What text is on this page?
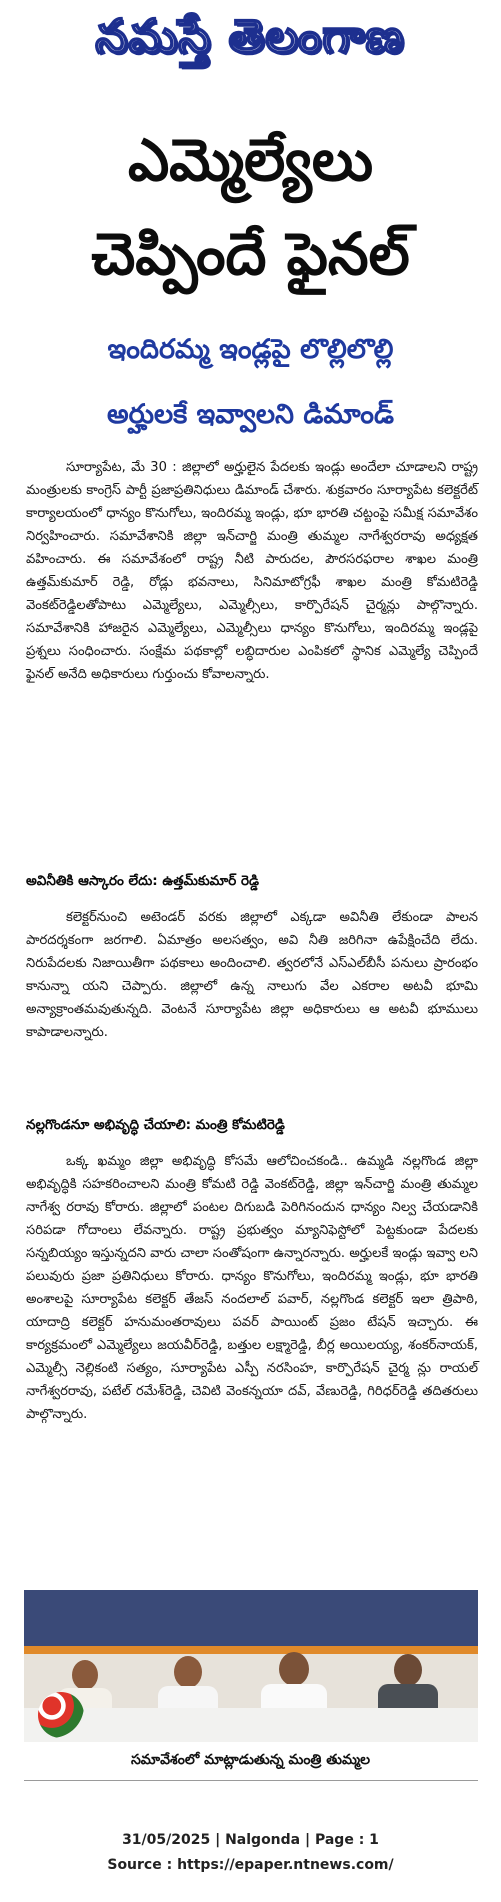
నమస్తే తెలంగాణ
ఎమ్మెల్యేలు
చెప్పిందే ఫైనల్
ఇందిరమ్మ ఇండ్లపై లొల్లిలొల్లి
అర్హులకే ఇవ్వాలని డిమాండ్

సూర్యాపేట, మే 30 : జిల్లాలో అర్హులైన పేదలకు ఇండ్లు అందేలా చూడాలని రాష్ట్ర మంత్రులకు కాంగ్రెస్ పార్టీ ప్రజాప్రతినిధులు డిమాండ్ చేశారు. శుక్రవారం సూర్యాపేట కలెక్టరేట్ కార్యాలయంలో ధాన్యం కొనుగోలు, ఇందిరమ్మ ఇండ్లు, భూ భారతి చట్టంపై సమీక్ష సమావేశం నిర్వహించారు. సమావేశానికి జిల్లా ఇన్‌చార్జి మంత్రి తుమ్మల నాగేశ్వరరావు అధ్యక్షత వహించారు. ఈ సమావేశంలో రాష్ట్ర నీటి పారుదల, పౌరసరఫరాల శాఖల మంత్రి ఉత్తమ్‌కుమార్ రెడ్డి, రోడ్లు భవనాలు, సినిమాటోగ్రఫీ శాఖల మంత్రి కోమటిరెడ్డి వెంకట్‌రెడ్డిలతోపాటు ఎమ్మెల్యేలు, ఎమ్మెల్సీలు, కార్పొరేషన్ చైర్మన్లు పాల్గొన్నారు. సమావేశానికి హాజరైన ఎమ్మెల్యేలు, ఎమ్మెల్సీలు ధాన్యం కొనుగోలు, ఇందిరమ్మ ఇండ్లపై ప్రశ్నలు సంధించారు. సంక్షేమ పథకాల్లో లబ్ధిదారుల ఎంపికలో స్థానిక ఎమ్మెల్యే చెప్పిందే ఫైనల్ అనేది అధికారులు గుర్తుంచు కోవాలన్నారు.

అవినీతికి ఆస్కారం లేదు: ఉత్తమ్‌కుమార్ రెడ్డి

కలెక్టర్‌నుంచి అటెండర్ వరకు జిల్లాలో ఎక్కడా అవినీతి లేకుండా పాలన పారదర్శకంగా జరగాలి. ఏమాత్రం అలసత్వం, అవి నీతి జరిగినా ఉపేక్షించేది లేదు. నిరుపేదలకు నిజాయితీగా పథకాలు అందించాలి. త్వరలోనే ఎస్‌ఎల్‌బీసీ పనులు ప్రారంభం కానున్నా యని చెప్పారు. జిల్లాలో ఉన్న నాలుగు వేల ఎకరాల అటవీ భూమి అన్యాక్రాంతమవుతున్నది. వెంటనే సూర్యాపేట జిల్లా అధికారులు ఆ అటవీ భూములు కాపాడాలన్నారు.

నల్లగొండనూ అభివృద్ధి చేయాలి: మంత్రి కోమటిరెడ్డి

ఒక్క ఖమ్మం జిల్లా అభివృద్ధి కోసమే ఆలోచించకండి.. ఉమ్మడి నల్లగొండ జిల్లా అభివృద్ధికి సహకరించాలని మంత్రి కోమటి రెడ్డి వెంకట్‌రెడ్డి, జిల్లా ఇన్‌చార్జి మంత్రి తుమ్మల నాగేశ్వ రరావు కోరారు. జిల్లాలో పంటల దిగుబడి పెరిగినందున ధాన్యం నిల్వ చేయడానికి సరిపడా గోదాంలు లేవన్నారు. రాష్ట్ర ప్రభుత్వం మ్యానిఫెస్టోలో పెట్టకుండా పేదలకు సన్నబియ్యం ఇస్తున్నదని వారు చాలా సంతోషంగా ఉన్నారన్నారు. అర్హులకే ఇండ్లు ఇవ్వా లని పలువురు ప్రజా ప్రతినిధులు కోరారు. ధాన్యం కొనుగోలు, ఇందిరమ్మ ఇండ్లు, భూ భారతి అంశాలపై సూర్యాపేట కలెక్టర్ తేజస్ నందలాల్ పవార్, నల్లగొండ కలెక్టర్ ఇలా త్రిపాఠి, యాదాద్రి కలెక్టర్ హనుమంతరావులు పవర్ పాయింట్ ప్రజం టేషన్ ఇచ్చారు. ఈ కార్యక్రమంలో ఎమ్మెల్యేలు జయవీర్‌రెడ్డి, బత్తుల లక్ష్మారెడ్డి, బీర్ల అయిలయ్య, శంకర్‌నాయక్, ఎమ్మెల్సీ నెల్లికంటి సత్యం, సూర్యాపేట ఎస్పీ నరసింహ, కార్పొరేషన్ చైర్మ న్లు రాయల్ నాగేశ్వరరావు, పటేల్ రమేశ్‌రెడ్డి, చెవిటి వెంకన్నయా దవ్, వేణురెడ్డి, గిరిధర్‌రెడ్డి తదితరులు పాల్గొన్నారు.

సమావేశంలో మాట్లాడుతున్న మంత్రి తుమ్మల
31/05/2025 | Nalgonda | Page : 1
Source : https://epaper.ntnews.com/
